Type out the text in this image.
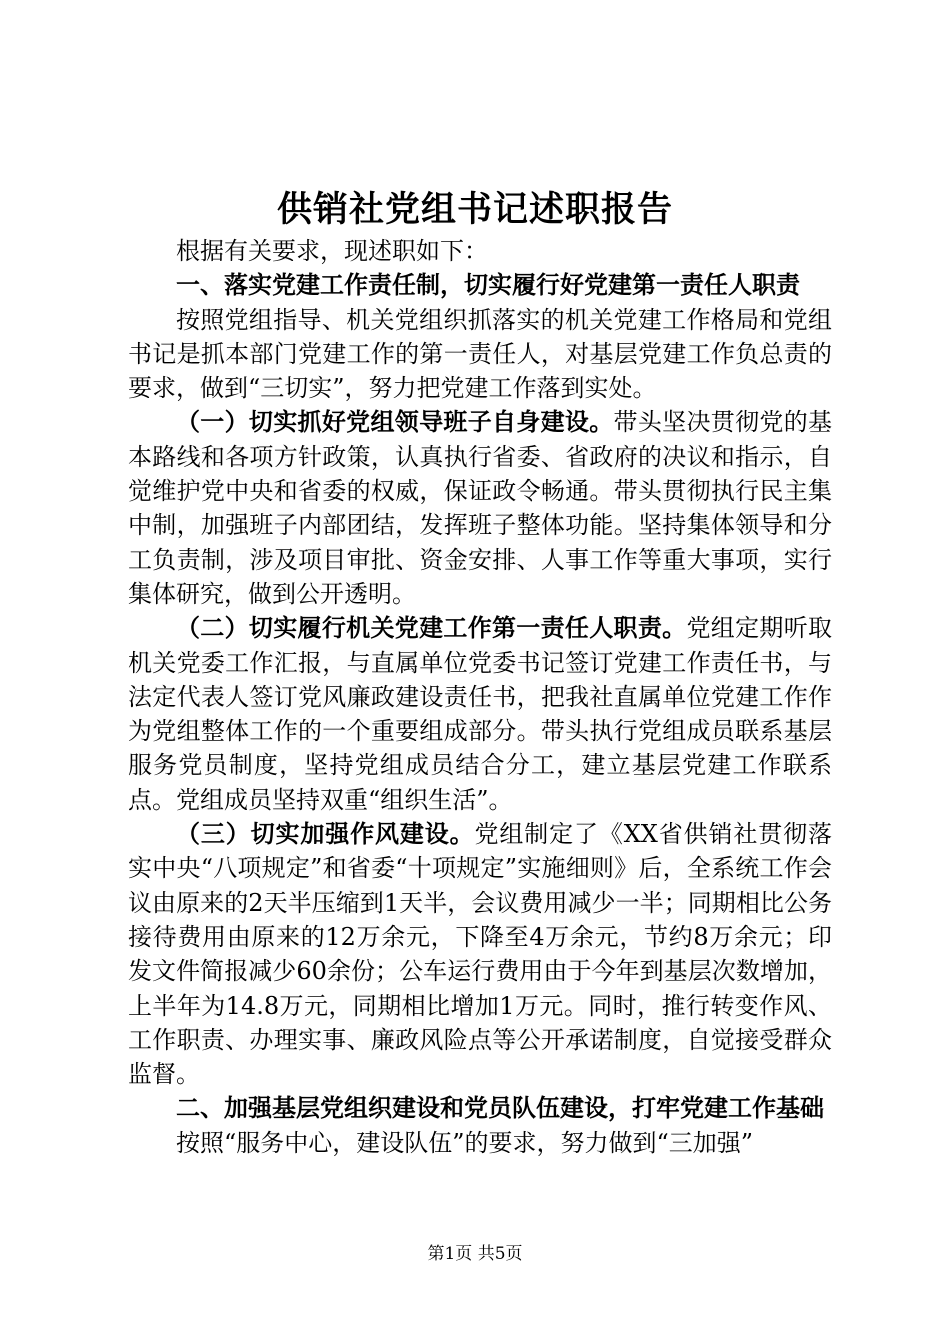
供销社党组书记述职报告

根据有关要求，现述职如下：

一、落实党建工作责任制，切实履行好党建第一责任人职责

按照党组指导、机关党组织抓落实的机关党建工作格局和党组书记是抓本部门党建工作的第一责任人，对基层党建工作负总责的要求，做到“三切实”，努力把党建工作落到实处。

（一）切实抓好党组领导班子自身建设。带头坚决贯彻党的基本路线和各项方针政策，认真执行省委、省政府的决议和指示，自觉维护党中央和省委的权威，保证政令畅通。带头贯彻执行民主集中制，加强班子内部团结，发挥班子整体功能。坚持集体领导和分工负责制，涉及项目审批、资金安排、人事工作等重大事项，实行集体研究，做到公开透明。

（二）切实履行机关党建工作第一责任人职责。党组定期听取机关党委工作汇报，与直属单位党委书记签订党建工作责任书，与法定代表人签订党风廉政建设责任书，把我社直属单位党建工作作为党组整体工作的一个重要组成部分。带头执行党组成员联系基层服务党员制度，坚持党组成员结合分工，建立基层党建工作联系点。党组成员坚持双重“组织生活”。

（三）切实加强作风建设。党组制定了《XX省供销社贯彻落实中央“八项规定”和省委“十项规定”实施细则》后，全系统工作会议由原来的2天半压缩到1天半，会议费用减少一半；同期相比公务接待费用由原来的12万余元，下降至4万余元，节约8万余元；印发文件简报减少60余份；公车运行费用由于今年到基层次数增加，上半年为14.8万元，同期相比增加1万元。同时，推行转变作风、工作职责、办理实事、廉政风险点等公开承诺制度，自觉接受群众监督。

二、加强基层党组织建设和党员队伍建设，打牢党建工作基础

按照“服务中心，建设队伍”的要求，努力做到“三加强”

第1页 共5页
